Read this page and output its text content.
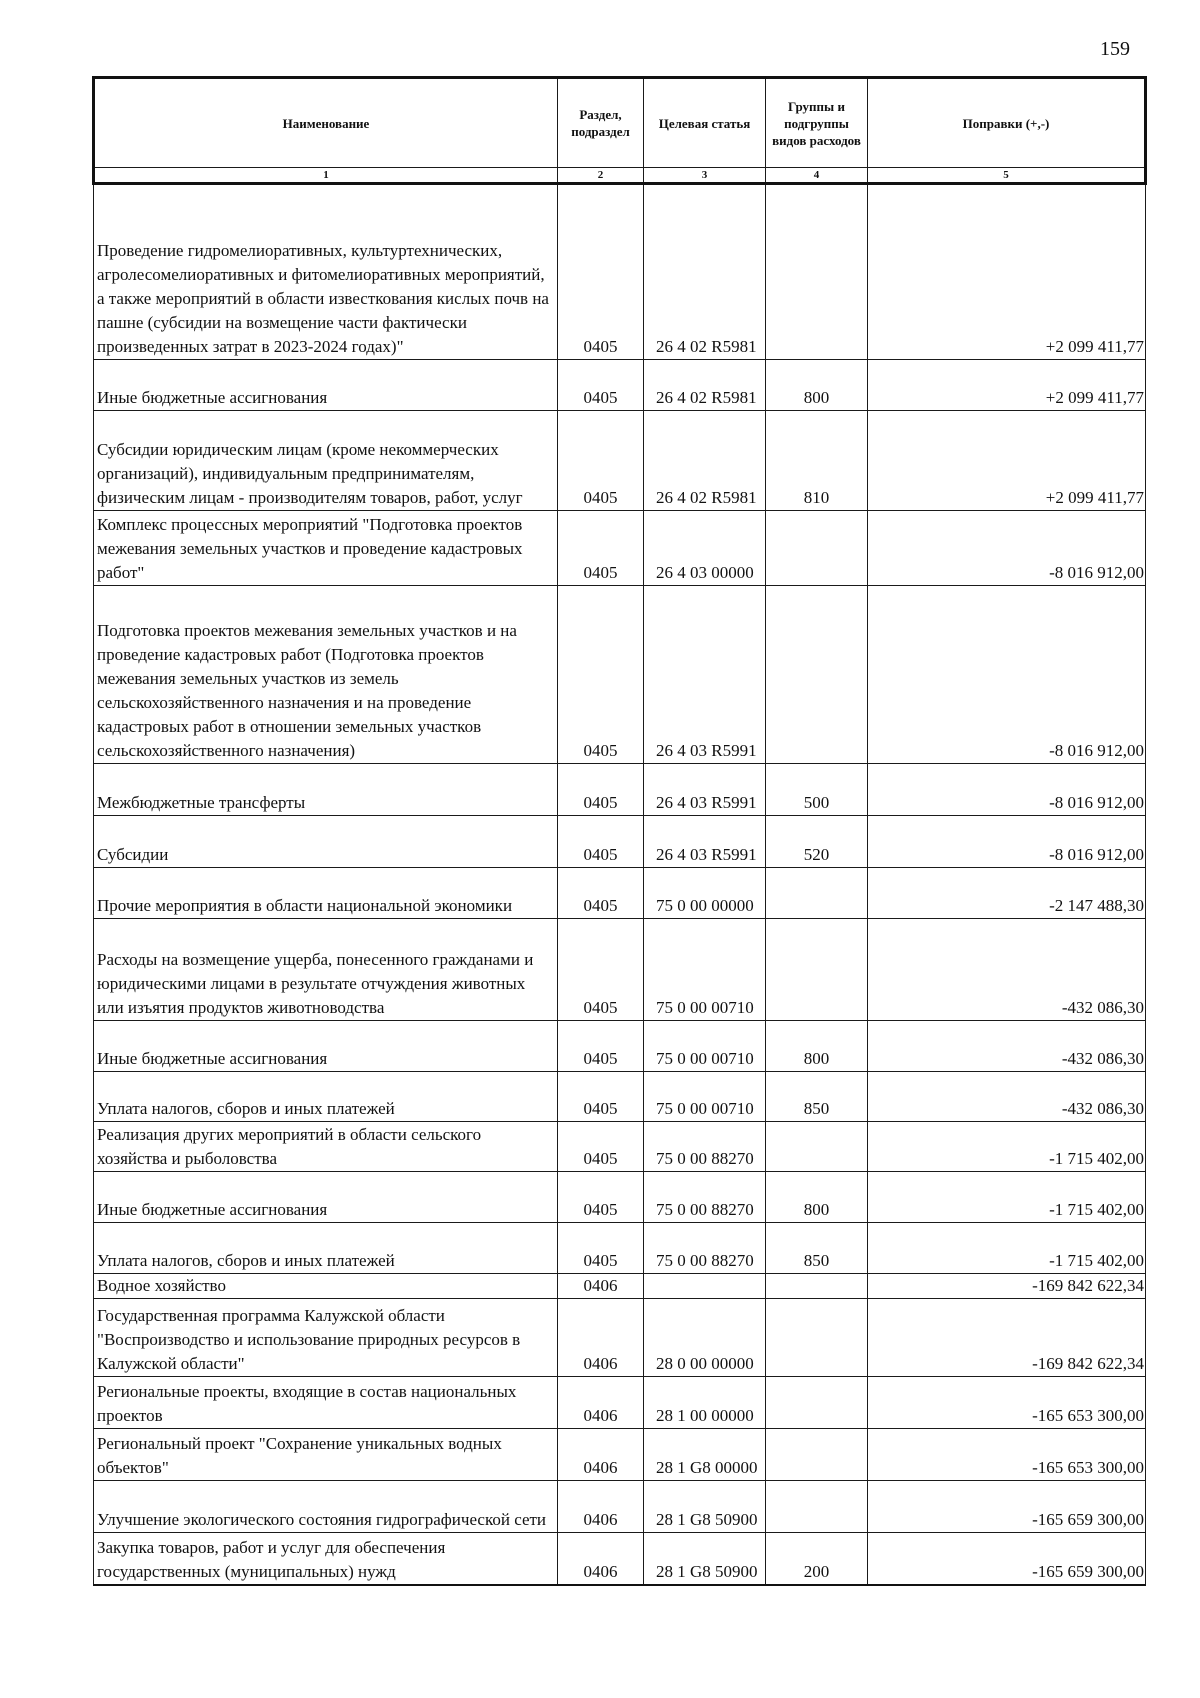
159
Наименование	Раздел, подраздел	Целевая статья	Группы и подгруппы видов расходов	Поправки (+,-)
1	2	3	4	5
Проведение гидромелиоративных, культуртехнических, агролесомелиоративных и фитомелиоративных мероприятий, а также мероприятий в области известкования кислых почв на пашне (субсидии на возмещение части фактически произведенных затрат в 2023-2024 годах)"	0405	26 4 02 R5981		+2 099 411,77
Иные бюджетные ассигнования	0405	26 4 02 R5981	800	+2 099 411,77
Субсидии юридическим лицам (кроме некоммерческих организаций), индивидуальным предпринимателям, физическим лицам - производителям товаров, работ, услуг	0405	26 4 02 R5981	810	+2 099 411,77
Комплекс процессных мероприятий "Подготовка проектов межевания земельных участков и проведение кадастровых работ"	0405	26 4 03 00000		-8 016 912,00
Подготовка проектов межевания земельных участков и на проведение кадастровых работ (Подготовка проектов межевания земельных участков из земель сельскохозяйственного назначения и на проведение кадастровых работ в отношении земельных участков сельскохозяйственного назначения)	0405	26 4 03 R5991		-8 016 912,00
Межбюджетные трансферты	0405	26 4 03 R5991	500	-8 016 912,00
Субсидии	0405	26 4 03 R5991	520	-8 016 912,00
Прочие мероприятия в области национальной экономики	0405	75 0 00 00000		-2 147 488,30
Расходы на возмещение ущерба, понесенного гражданами и юридическими лицами в результате отчуждения животных или изъятия продуктов животноводства	0405	75 0 00 00710		-432 086,30
Иные бюджетные ассигнования	0405	75 0 00 00710	800	-432 086,30
Уплата налогов, сборов и иных платежей	0405	75 0 00 00710	850	-432 086,30
Реализация других мероприятий в области сельского хозяйства и рыболовства	0405	75 0 00 88270		-1 715 402,00
Иные бюджетные ассигнования	0405	75 0 00 88270	800	-1 715 402,00
Уплата налогов, сборов и иных платежей	0405	75 0 00 88270	850	-1 715 402,00
Водное хозяйство	0406			-169 842 622,34
Государственная программа Калужской области "Воспроизводство и использование природных ресурсов в Калужской области"	0406	28 0 00 00000		-169 842 622,34
Региональные проекты, входящие в состав национальных проектов	0406	28 1 00 00000		-165 653 300,00
Региональный проект "Сохранение уникальных водных объектов"	0406	28 1 G8 00000		-165 653 300,00
Улучшение экологического состояния гидрографической сети	0406	28 1 G8 50900		-165 659 300,00
Закупка товаров, работ и услуг для обеспечения государственных (муниципальных) нужд	0406	28 1 G8 50900	200	-165 659 300,00
